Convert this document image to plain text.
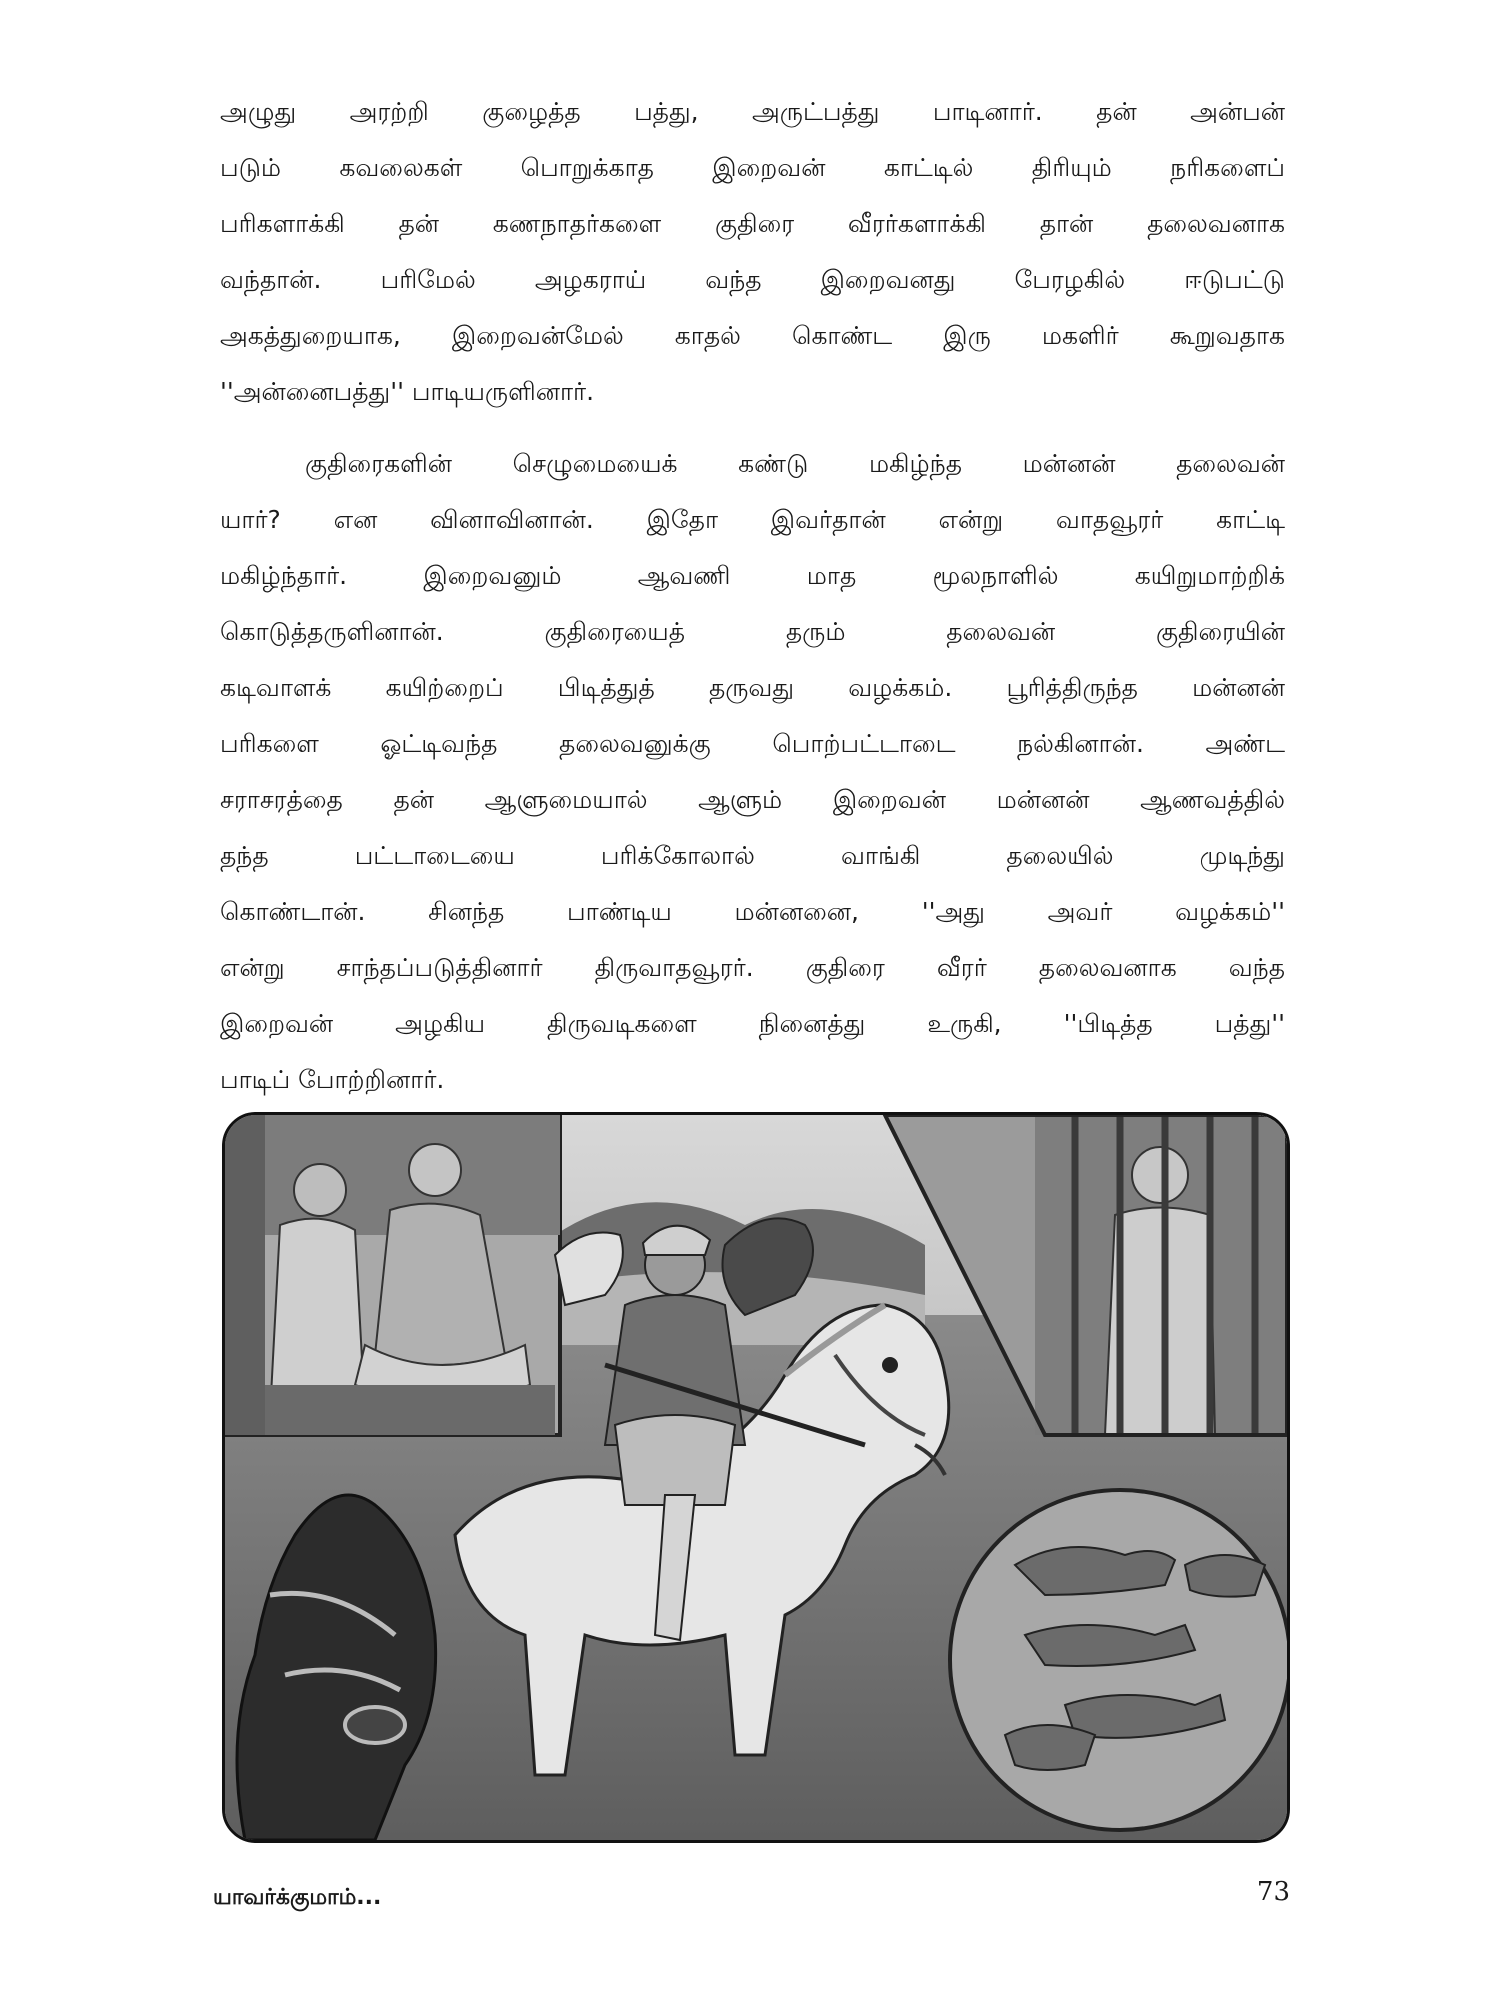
அழுது அரற்றி குழைத்த பத்து, அருட்பத்து பாடினார். தன் அன்பன்
படும் கவலைகள் பொறுக்காத இறைவன் காட்டில் திரியும் நரிகளைப்
பரிகளாக்கி தன் கணநாதர்களை குதிரை வீரர்களாக்கி தான் தலைவனாக
வந்தான். பரிமேல் அழகராய் வந்த இறைவனது பேரழகில் ஈடுபட்டு
அகத்துறையாக, இறைவன்மேல் காதல் கொண்ட இரு மகளிர் கூறுவதாக
''அன்னைபத்து'' பாடியருளினார்.
குதிரைகளின் செழுமையைக் கண்டு மகிழ்ந்த மன்னன் தலைவன்
யார்? என வினாவினான். இதோ இவர்தான் என்று வாதவூரர் காட்டி
மகிழ்ந்தார். இறைவனும் ஆவணி மாத மூலநாளில் கயிறுமாற்றிக்
கொடுத்தருளினான். குதிரையைத் தரும் தலைவன் குதிரையின்
கடிவாளக் கயிற்றைப் பிடித்துத் தருவது வழக்கம். பூரித்திருந்த மன்னன்
பரிகளை ஓட்டிவந்த தலைவனுக்கு பொற்பட்டாடை நல்கினான். அண்ட
சராசரத்தை தன் ஆளுமையால் ஆளும் இறைவன் மன்னன் ஆணவத்தில்
தந்த பட்டாடையை பரிக்கோலால் வாங்கி தலையில் முடிந்து
கொண்டான். சினந்த பாண்டிய மன்னனை, ''அது அவர் வழக்கம்''
என்று சாந்தப்படுத்தினார் திருவாதவூரர். குதிரை வீரர் தலைவனாக வந்த
இறைவன் அழகிய திருவடிகளை நினைத்து உருகி, ''பிடித்த பத்து''
பாடிப் போற்றினார்.
யாவர்க்குமாம்...	73
